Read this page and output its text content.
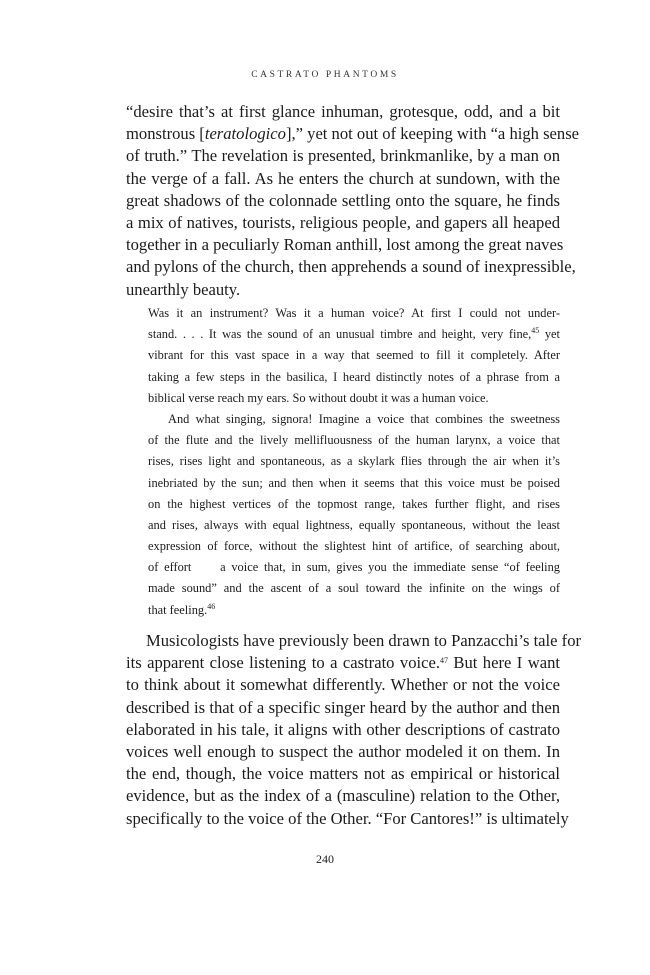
CASTRATO PHANTOMS
“desire that’s at first glance inhuman, grotesque, odd, and a bit
monstrous [teratologico],” yet not out of keeping with “a high sense
of truth.” The revelation is presented, brinkmanlike, by a man on
the verge of a fall. As he enters the church at sundown, with the
great shadows of the colonnade settling onto the square, he finds
a mix of natives, tourists, religious people, and gapers all heaped
together in a peculiarly Roman anthill, lost among the great naves
and pylons of the church, then apprehends a sound of inexpressible,
unearthly beauty.
Was it an instrument? Was it a human voice? At first I could not under-
stand. . . . It was the sound of an unusual timbre and height, very fine,$^{45}$ yet
vibrant for this vast space in a way that seemed to fill it completely. After
taking a few steps in the basilica, I heard distinctly notes of a phrase from a
biblical verse reach my ears. So without doubt it was a human voice.
And what singing, signora! Imagine a voice that combines the sweetness
of the flute and the lively mellifluousness of the human larynx, a voice that
rises, rises light and spontaneous, as a skylark flies through the air when it’s
inebriated by the sun; and then when it seems that this voice must be poised
on the highest vertices of the topmost range, takes further flight, and rises
and rises, always with equal lightness, equally spontaneous, without the least
expression of force, without the slightest hint of artifice, of searching about,
of effort     a voice that, in sum, gives you the immediate sense “of feeling
made sound” and the ascent of a soul toward the infinite on the wings of
that feeling.$^{46}$
Musicologists have previously been drawn to Panzacchi’s tale for
its apparent close listening to a castrato voice.$^{47}$ But here I want
to think about it somewhat differently. Whether or not the voice
described is that of a specific singer heard by the author and then
elaborated in his tale, it aligns with other descriptions of castrato
voices well enough to suspect the author modeled it on them. In
the end, though, the voice matters not as empirical or historical
evidence, but as the index of a (masculine) relation to the Other,
specifically to the voice of the Other. “For Cantores!” is ultimately
240
